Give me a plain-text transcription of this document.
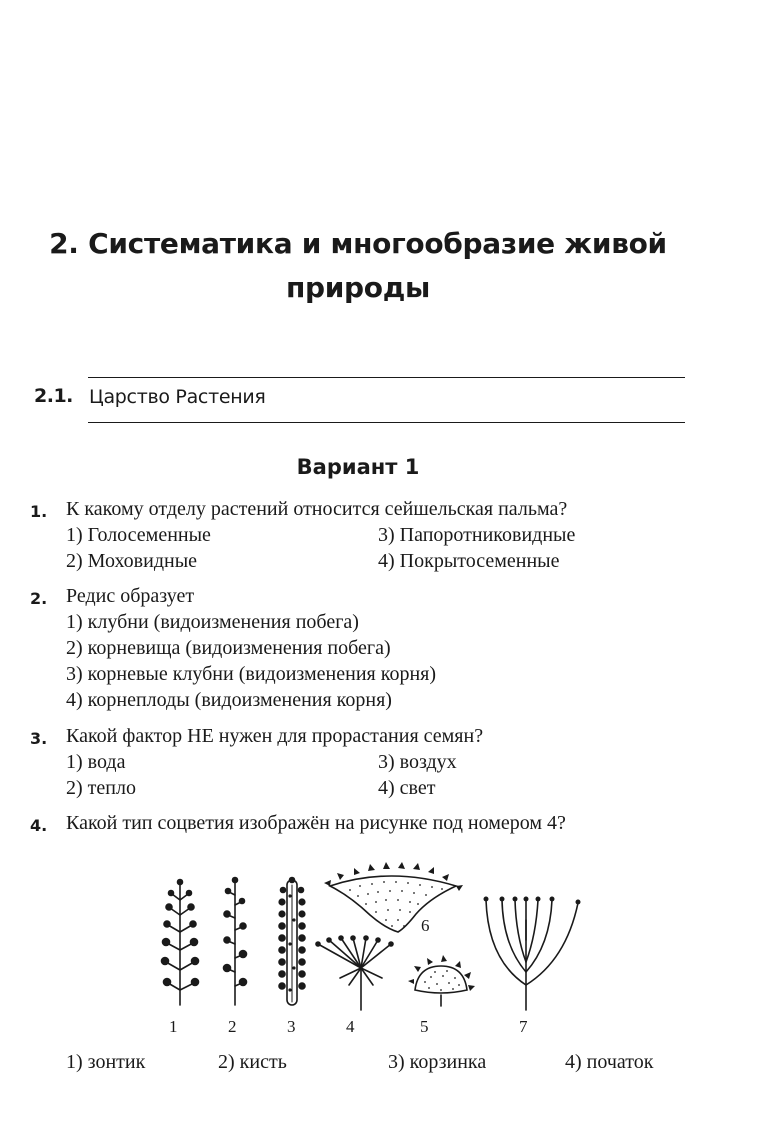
2. Систематика и многообразие живой
природы
2.1. Царство Растения
Вариант 1
1. К какому отделу растений относится сейшельская пальма?
1) Голосеменные	3) Папоротниковидные
2) Моховидные	4) Покрытосеменные
2. Редис образует
1) клубни (видоизменения побега)
2) корневища (видоизменения побега)
3) корневые клубни (видоизменения корня)
4) корнеплоды (видоизменения корня)
3. Какой фактор НЕ нужен для прорастания семян?
1) вода	3) воздух
2) тепло	4) свет
4. Какой тип соцветия изображён на рисунке под номером 4?
1	2	3	4	5
6
7
1) зонтик	2) кисть	3) корзинка	4) початок
